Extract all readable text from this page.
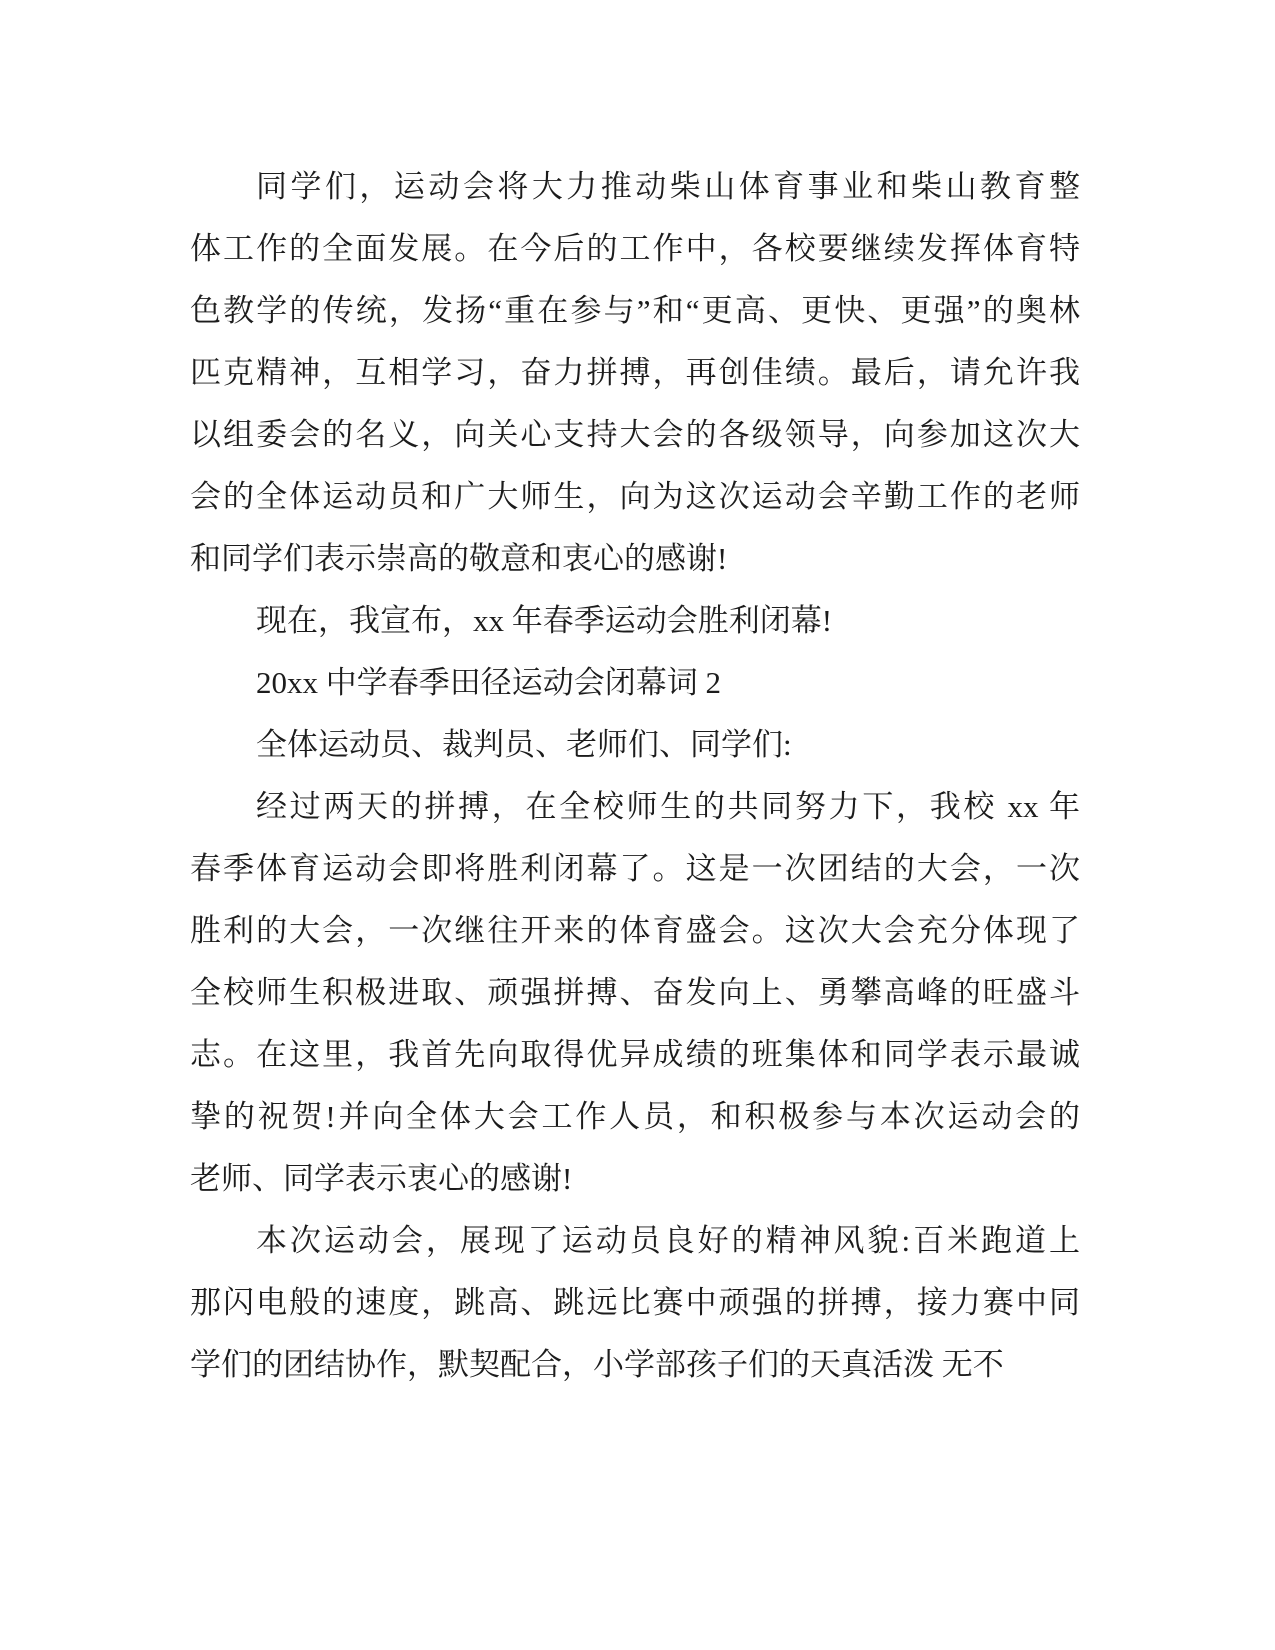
同学们，运动会将大力推动柴山体育事业和柴山教育整
体工作的全面发展。在今后的工作中，各校要继续发挥体育特
色教学的传统，发扬“重在参与”和“更高、更快、更强”的奥林
匹克精神，互相学习，奋力拼搏，再创佳绩。最后，请允许我
以组委会的名义，向关心支持大会的各级领导，向参加这次大
会的全体运动员和广大师生，向为这次运动会辛勤工作的老师
和同学们表示崇高的敬意和衷心的感谢!
现在，我宣布，xx 年春季运动会胜利闭幕!
20xx 中学春季田径运动会闭幕词 2
全体运动员、裁判员、老师们、同学们:
经过两天的拼搏，在全校师生的共同努力下，我校 xx 年
春季体育运动会即将胜利闭幕了。这是一次团结的大会，一次
胜利的大会，一次继往开来的体育盛会。这次大会充分体现了
全校师生积极进取、顽强拼搏、奋发向上、勇攀高峰的旺盛斗
志。在这里，我首先向取得优异成绩的班集体和同学表示最诚
挚的祝贺!并向全体大会工作人员，和积极参与本次运动会的
老师、同学表示衷心的感谢!
本次运动会，展现了运动员良好的精神风貌:百米跑道上
那闪电般的速度，跳高、跳远比赛中顽强的拼搏，接力赛中同
学们的团结协作，默契配合，小学部孩子们的天真活泼 无不
